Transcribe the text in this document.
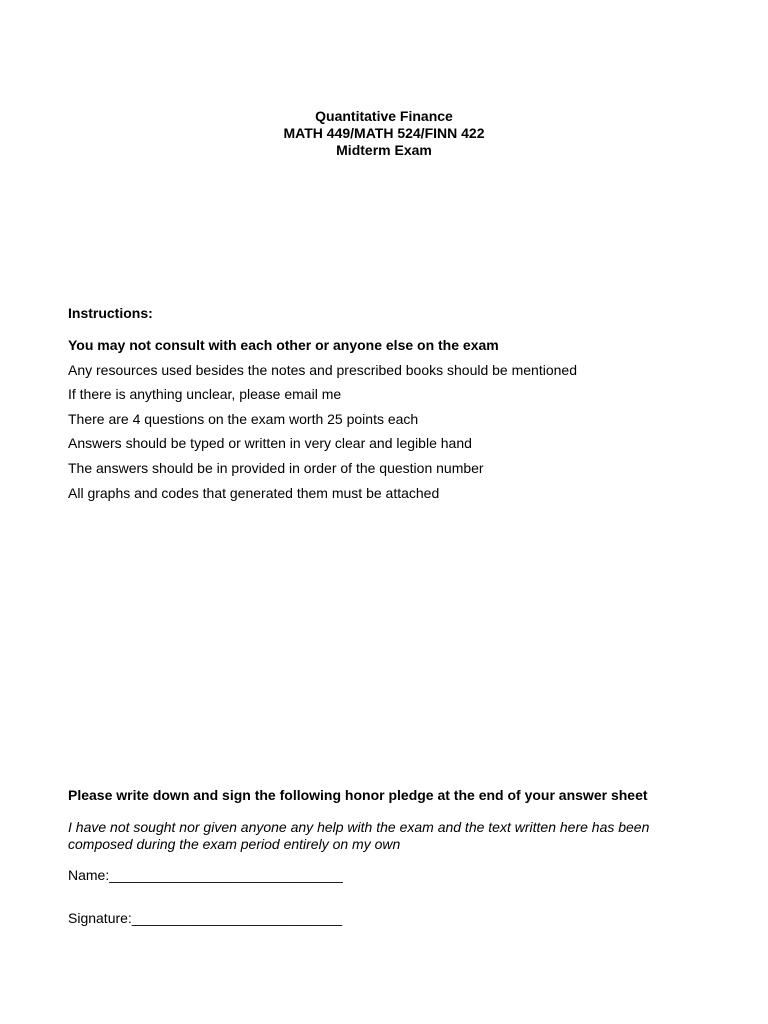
Quantitative Finance
MATH 449/MATH 524/FINN 422
Midterm Exam
Instructions:
You may not consult with each other or anyone else on the exam
Any resources used besides the notes and prescribed books should be mentioned
If there is anything unclear, please email me
There are 4 questions on the exam worth 25 points each
Answers should be typed or written in very clear and legible hand
The answers should be in provided in order of the question number
All graphs and codes that generated them must be attached
Please write down and sign the following honor pledge at the end of your answer sheet
I have not sought nor given anyone any help with the exam and the text written here has been composed during the exam period entirely on my own
Name:______________________________
Signature:___________________________
